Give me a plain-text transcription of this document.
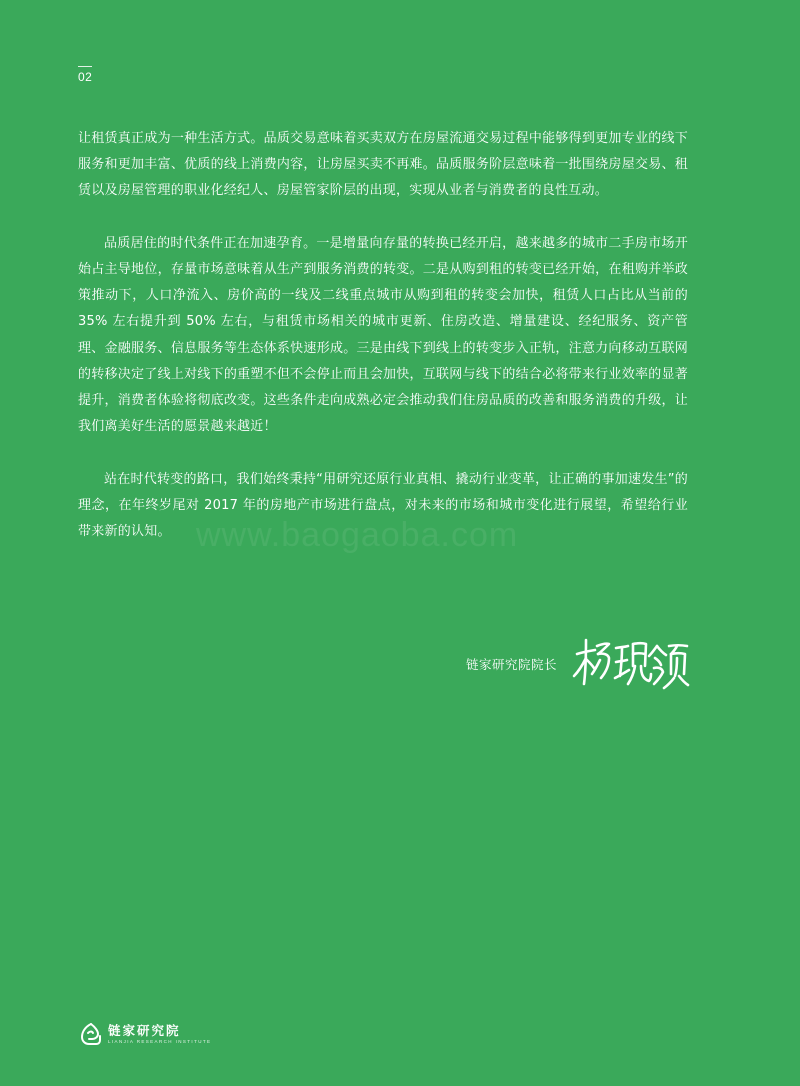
02

让租赁真正成为一种生活方式。品质交易意味着买卖双方在房屋流通交易过程中能够得到更加专业的线下服务和更加丰富、优质的线上消费内容，让房屋买卖不再难。品质服务阶层意味着一批围绕房屋交易、租赁以及房屋管理的职业化经纪人、房屋管家阶层的出现，实现从业者与消费者的良性互动。

品质居住的时代条件正在加速孕育。一是增量向存量的转换已经开启，越来越多的城市二手房市场开始占主导地位，存量市场意味着从生产到服务消费的转变。二是从购到租的转变已经开始，在租购并举政策推动下，人口净流入、房价高的一线及二线重点城市从购到租的转变会加快，租赁人口占比从当前的 35% 左右提升到 50% 左右，与租赁市场相关的城市更新、住房改造、增量建设、经纪服务、资产管理、金融服务、信息服务等生态体系快速形成。三是由线下到线上的转变步入正轨，注意力向移动互联网的转移决定了线上对线下的重塑不但不会停止而且会加快，互联网与线下的结合必将带来行业效率的显著提升，消费者体验将彻底改变。这些条件走向成熟必定会推动我们住房品质的改善和服务消费的升级，让我们离美好生活的愿景越来越近！

站在时代转变的路口，我们始终秉持“用研究还原行业真相、撬动行业变革，让正确的事加速发生”的理念，在年终岁尾对 2017 年的房地产市场进行盘点，对未来的市场和城市变化进行展望，希望给行业带来新的认知。 www.baogaoba.com
链家研究院院长
链家研究院
LIANJIA RESEARCH INSTITUTE
